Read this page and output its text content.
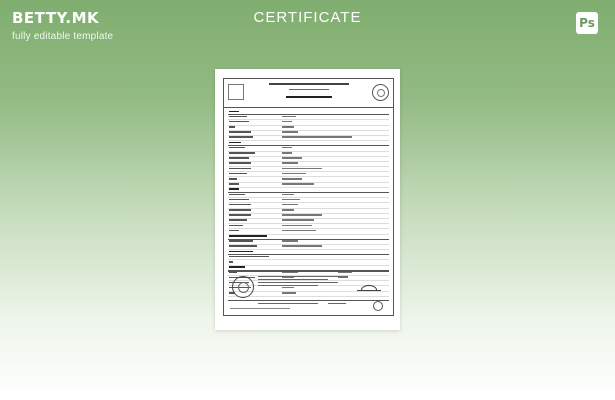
BETTY.MK
fully editable template
CERTIFICATE	Ps
